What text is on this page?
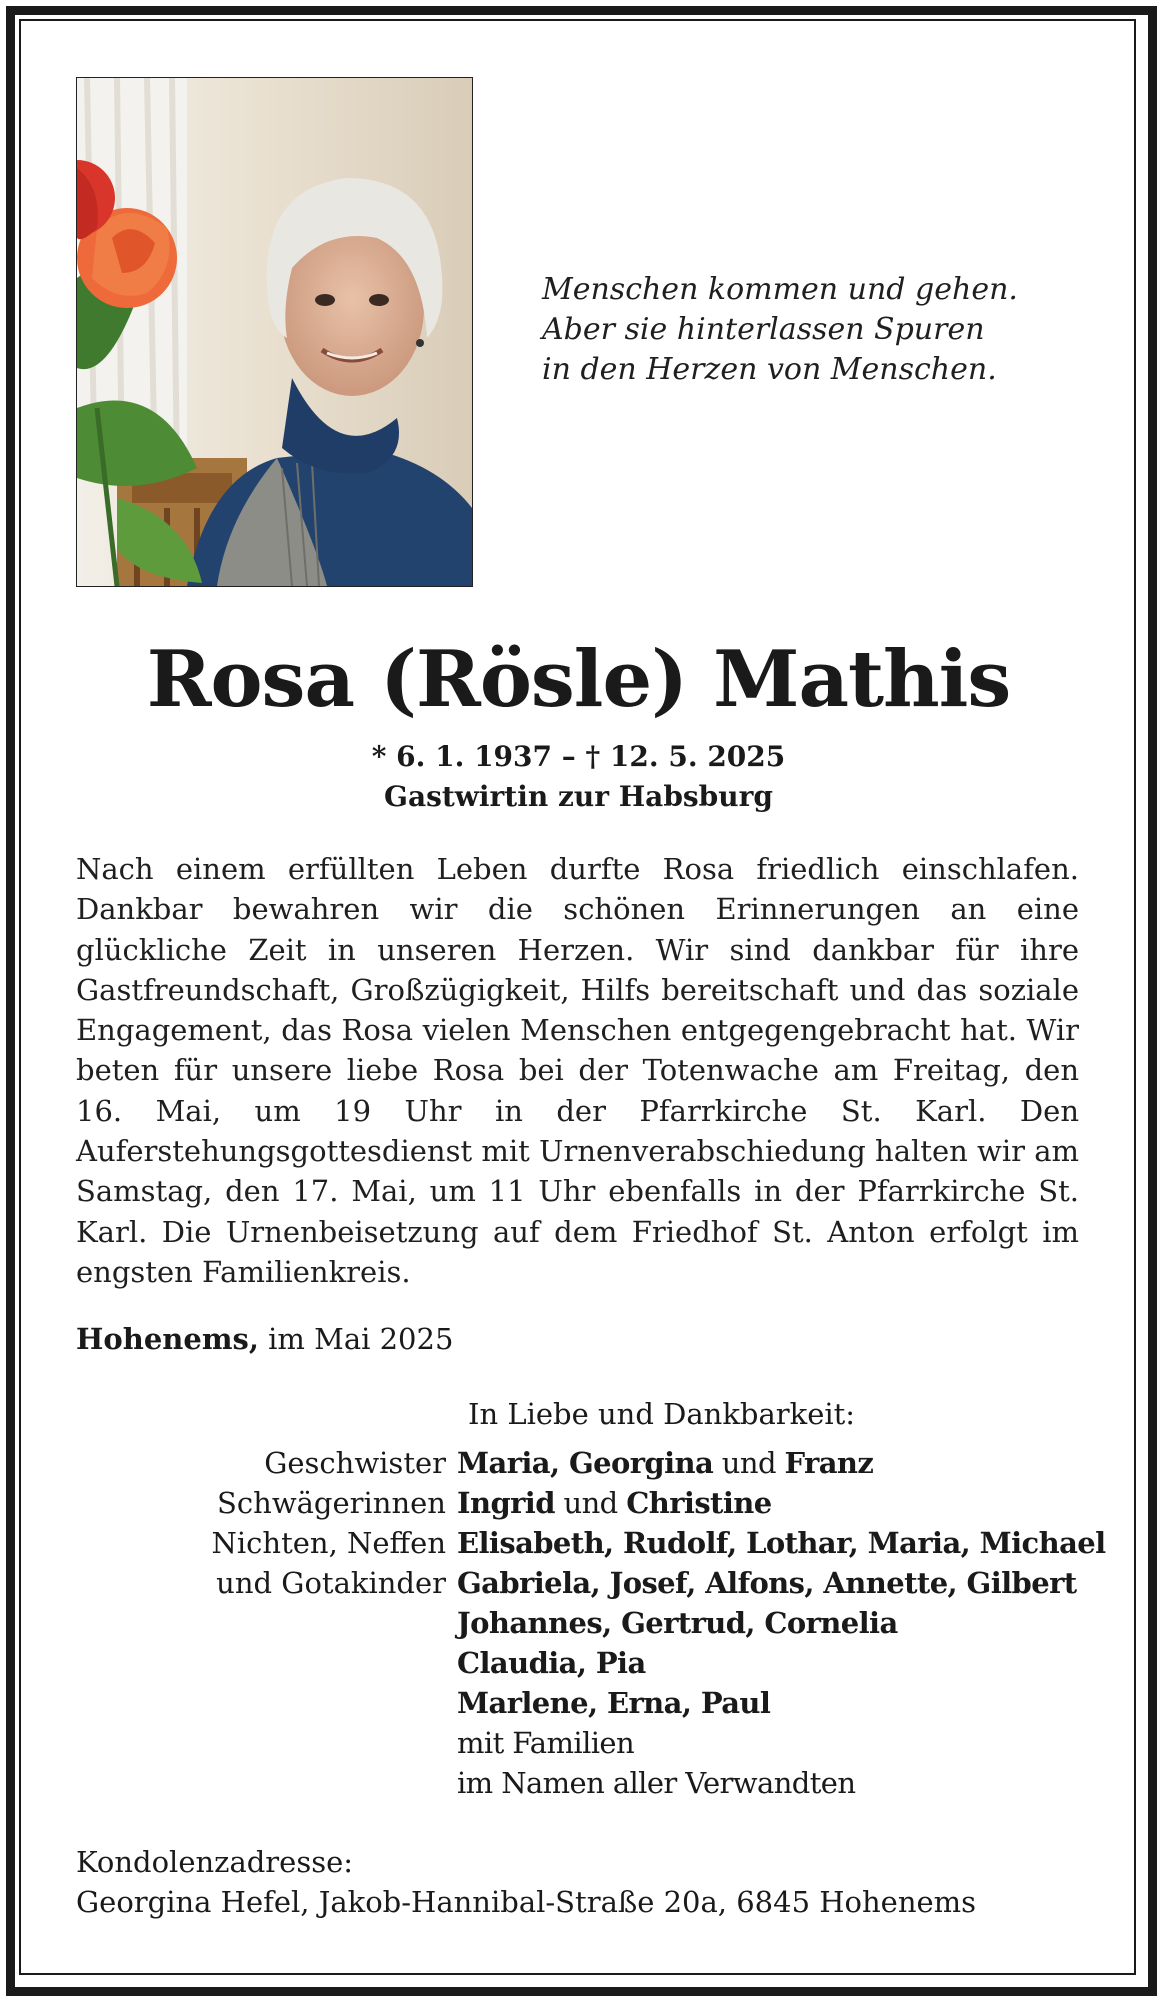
Menschen kommen und gehen.
Aber sie hinterlassen Spuren
in den Herzen von Menschen.
Rosa (Rösle) Mathis
* 6. 1. 1937 – † 12. 5. 2025
Gastwirtin zur Habsburg

Nach einem erfüllten Leben durfte Rosa friedlich einschlafen. Dankbar bewahren wir die schönen Erinnerungen an eine glückliche Zeit in unseren Herzen. Wir sind dankbar für ihre Gastfreundschaft, Großzügigkeit, Hilfs bereitschaft und das soziale Engagement, das Rosa vielen Menschen entgegengebracht hat. Wir beten für unsere liebe Rosa bei der Totenwache am Freitag, den 16. Mai, um 19 Uhr in der Pfarrkirche St. Karl. Den Auferstehungsgottesdienst mit Urnenverabschiedung halten wir am Samstag, den 17. Mai, um 11 Uhr ebenfalls in der Pfarrkirche St. Karl. Die Urnenbeisetzung auf dem Friedhof St. Anton erfolgt im engsten Familienkreis.

Hohenems, im Mai 2025
In Liebe und Dankbarkeit:
Geschwister Maria, Georgina und Franz
Schwägerinnen Ingrid und Christine
Nichten, Neffen Elisabeth, Rudolf, Lothar, Maria, Michael
und Gotakinder Gabriela, Josef, Alfons, Annette, Gilbert
Johannes, Gertrud, Cornelia
Claudia, Pia
Marlene, Erna, Paul
mit Familien
im Namen aller Verwandten
Kondolenzadresse:
Georgina Hefel, Jakob-Hannibal-Straße 20a, 6845 Hohenems
